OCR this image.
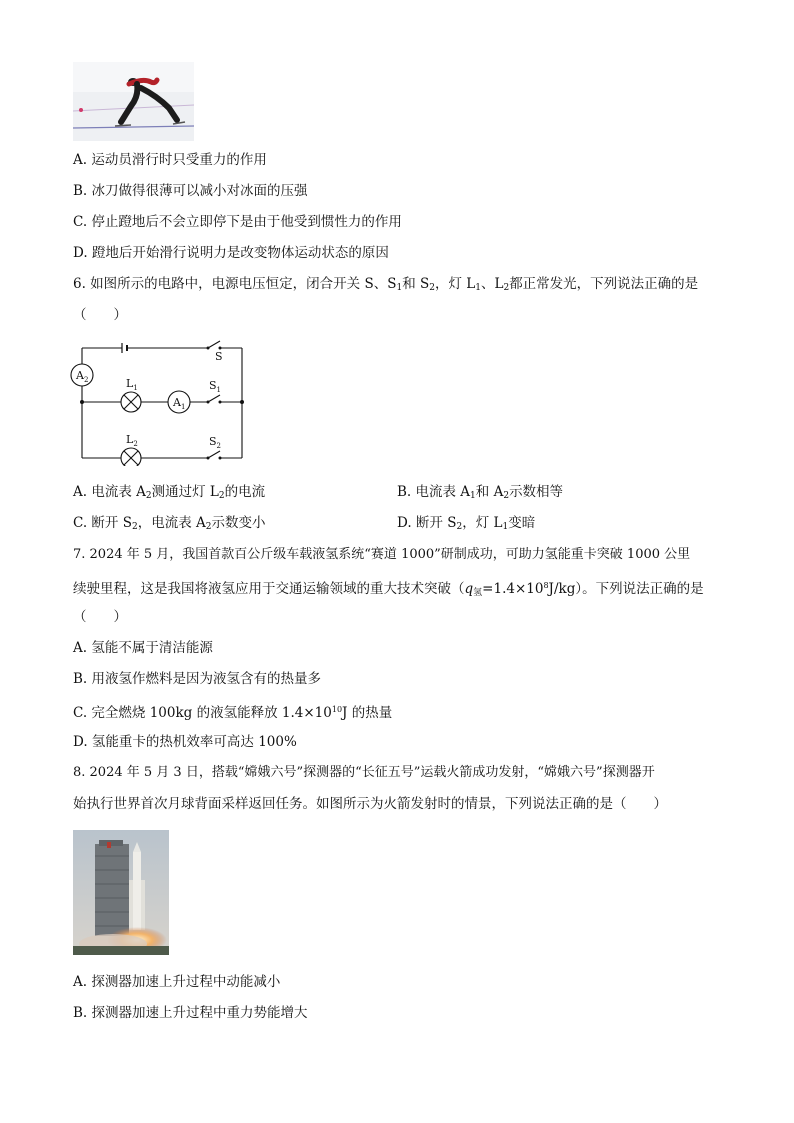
A. 运动员滑行时只受重力的作用
B. 冰刀做得很薄可以减小对冰面的压强
C. 停止蹬地后不会立即停下是由于他受到惯性力的作用
D. 蹬地后开始滑行说明力是改变物体运动状态的原因
6. 如图所示的电路中，电源电压恒定，闭合开关 S、$S_1$和 $S_2$，灯 $L_1$、$L_2$都正常发光，下列说法正确的是
（　　）
$A_2$
$A_1$
$L_1$
$L_2$
S
$S_1$
$S_2$
A. 电流表 $A_2$测通过灯 $L_2$的电流	B. 电流表 $A_1$和 $A_2$示数相等
C. 断开 $S_2$，电流表 $A_2$示数变小	D. 断开 $S_2$，灯 $L_1$变暗
7. 2024 年 5 月，我国首款百公斤级车载液氢系统“赛道 1000”研制成功，可助力氢能重卡突破 1000 公里
续驶里程，这是我国将液氢应用于交通运输领域的重大技术突破$(q_氢=1.4\times 10^8J/kg)$。下列说法正确的是
（　　）
A. 氢能不属于清洁能源
B. 用液氢作燃料是因为液氢含有的热量多
C. 完全燃烧 100kg 的液氢能释放 $1.4\times 10^{10}J$ 的热量
D. 氢能重卡的热机效率可高达 100%
8. 2024 年 5 月 3 日，搭载“嫦娥六号”探测器的“长征五号”运载火箭成功发射，“嫦娥六号”探测器开
始执行世界首次月球背面采样返回任务。如图所示为火箭发射时的情景，下列说法正确的是（　　）
A. 探测器加速上升过程中动能减小
B. 探测器加速上升过程中重力势能增大
